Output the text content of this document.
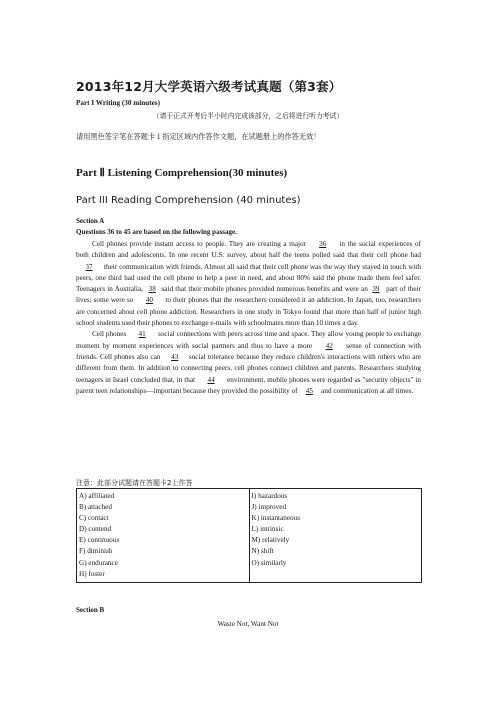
2013年12月大学英语六级考试真题（第3套）
Part I Writing (30 minutes)
（请于正式开考后半小时内完成该部分，之后将进行听力考试）
请用黑色签字笔在答题卡１指定区域内作答作文题，在试题册上的作答无效！
Part Ⅱ Listening Comprehension(30 minutes)
Part III Reading Comprehension (40 minutes)
Section A
Questions 36 to 45 are based on the following passage.

Cell phones provide instant access to people. They are creating a major 36 in the social experiences of both children and adolescents. In one recent U.S. survey, about half the teens polled said that their cell phone had 37 their communication with friends. Almost all said that their cell phone was the way they stayed in touch with peers, one third had used the cell phone to help a peer in need, and about 80% said the phone made them feel safer. Teenagers in Australia, 38 said that their mobile phones provided numerous benefits and were an 39 part of their lives; some were so 40 to their phones that the researchers considered it an addiction. In Japan, too, researchers are concerned about cell phone addiction. Researchers in one study in Tokyo found that more than half of junior high school students used their phones to exchange e-mails with schoolmates more than 10 times a day.

Cell phones 41 social connections with peers across time and space. They allow young people to exchange moment by moment experiences with social partners and thus to have a more 42 sense of connection with friends. Cell phones also can 43 social tolerance because they reduce children's interactions with others who are different from them. In addition to connecting peers, cell phones connect children and parents. Researchers studying teenagers in Israel concluded that, in that 44 environment, mobile phones were regarded as "security objects" in parent teen relationships—important because they provided the possibility of 45 and communication at all times.

注意：此部分试题请在答题卡2上作答
A) affiliated
B) attached
C) contact
D) contend
E) continuous
F) diminish
G) endurance
H) foster

I) hazardous
J) improved
K) instantaneous
L) intrinsic
M) relatively
N) shift
O) similarly
Section B
Waste Not, Want Not
